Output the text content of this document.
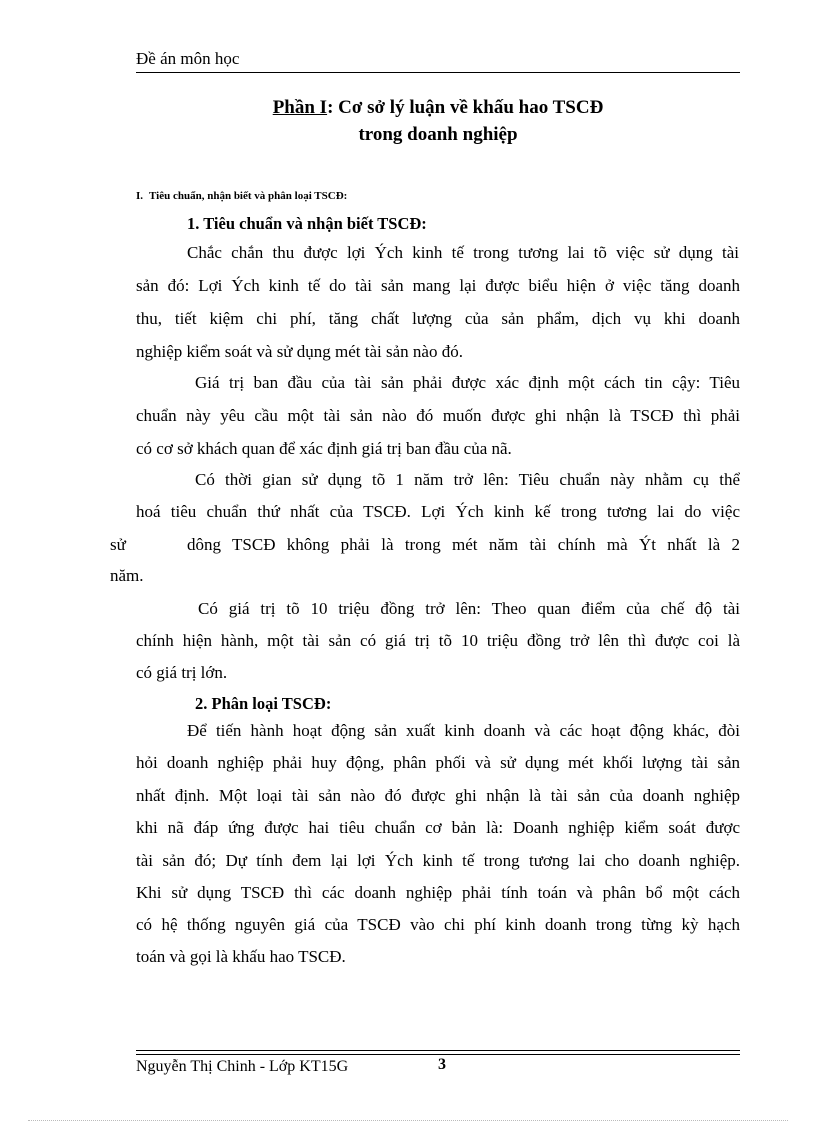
Đề án môn học
Phần I: Cơ sở lý luận về khấu hao TSCĐ
trong doanh nghiệp
I. Tiêu chuẩn, nhận biết và phân loại TSCĐ:
1. Tiêu chuẩn và nhận biết TSCĐ:
Chắc chắn thu được lợi Ých kinh tế trong tương lai tõ việc sử dụng tài
sản đó: Lợi Ých kinh tế do tài sản mang lại được biểu hiện ở việc tăng doanh
thu, tiết kiệm chi phí, tăng chất lượng của sản phẩm, dịch vụ khi doanh
nghiệp kiểm soát và sử dụng mét tài sản nào đó.
Giá trị ban đầu của tài sản phải được xác định một cách tin cậy: Tiêu
chuẩn này yêu cầu một tài sản nào đó muốn được ghi nhận là TSCĐ thì phải
có cơ sở khách quan để xác định giá trị ban đầu của nã.
Có thời gian sử dụng tõ 1 năm trở lên: Tiêu chuẩn này nhằm cụ thể
hoá tiêu chuẩn thứ nhất của TSCĐ. Lợi Ých kinh kế trong tương lai do việc
sử	dông TSCĐ không phải là trong mét năm tài chính mà Ýt nhất là 2
năm.
Có giá trị tõ 10 triệu đồng trở lên: Theo quan điểm của chế độ tài
chính hiện hành, một tài sản có giá trị tõ 10 triệu đồng trở lên thì được coi là
có giá trị lớn.
2. Phân loại TSCĐ:
Để tiến hành hoạt động sản xuất kinh doanh và các hoạt động khác, đòi
hỏi doanh nghiệp phải huy động, phân phối và sử dụng mét khối lượng tài sản
nhất định. Một loại tài sản nào đó được ghi nhận là tài sản của doanh nghiệp
khi nã đáp ứng được hai tiêu chuẩn cơ bản là: Doanh nghiệp kiểm soát được
tài sản đó; Dự tính đem lại lợi Ých kinh tế trong tương lai cho doanh nghiệp.
Khi sử dụng TSCĐ thì các doanh nghiệp phải tính toán và phân bổ một cách
có hệ thống nguyên giá của TSCĐ vào chi phí kinh doanh trong từng kỳ hạch
toán và gọi là khấu hao TSCĐ.
Nguyễn Thị Chinh - Lớp KT15G	3
